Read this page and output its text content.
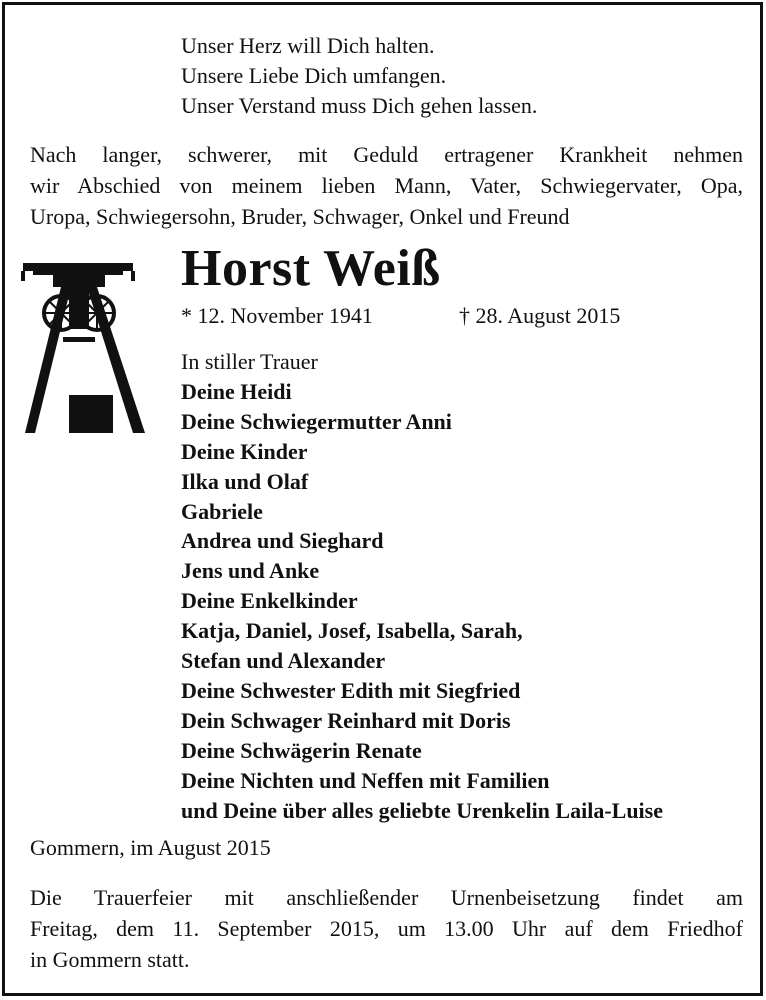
Unser Herz will Dich halten.
Unsere Liebe Dich umfangen.
Unser Verstand muss Dich gehen lassen.
Nach langer, schwerer, mit Geduld ertragener Krankheit nehmen
wir Abschied von meinem lieben Mann, Vater, Schwiegervater, Opa,
Uropa, Schwiegersohn, Bruder, Schwager, Onkel und Freund
Horst Weiß
* 12. November 1941	† 28. August 2015
In stiller Trauer
Deine Heidi
Deine Schwiegermutter Anni
Deine Kinder
Ilka und Olaf
Gabriele
Andrea und Sieghard
Jens und Anke
Deine Enkelkinder
Katja, Daniel, Josef, Isabella, Sarah,
Stefan und Alexander
Deine Schwester Edith mit Siegfried
Dein Schwager Reinhard mit Doris
Deine Schwägerin Renate
Deine Nichten und Neffen mit Familien
und Deine über alles geliebte Urenkelin Laila-Luise
Gommern, im August 2015
Die Trauerfeier mit anschließender Urnenbeisetzung findet am
Freitag, dem 11. September 2015, um 13.00 Uhr auf dem Friedhof
in Gommern statt.
